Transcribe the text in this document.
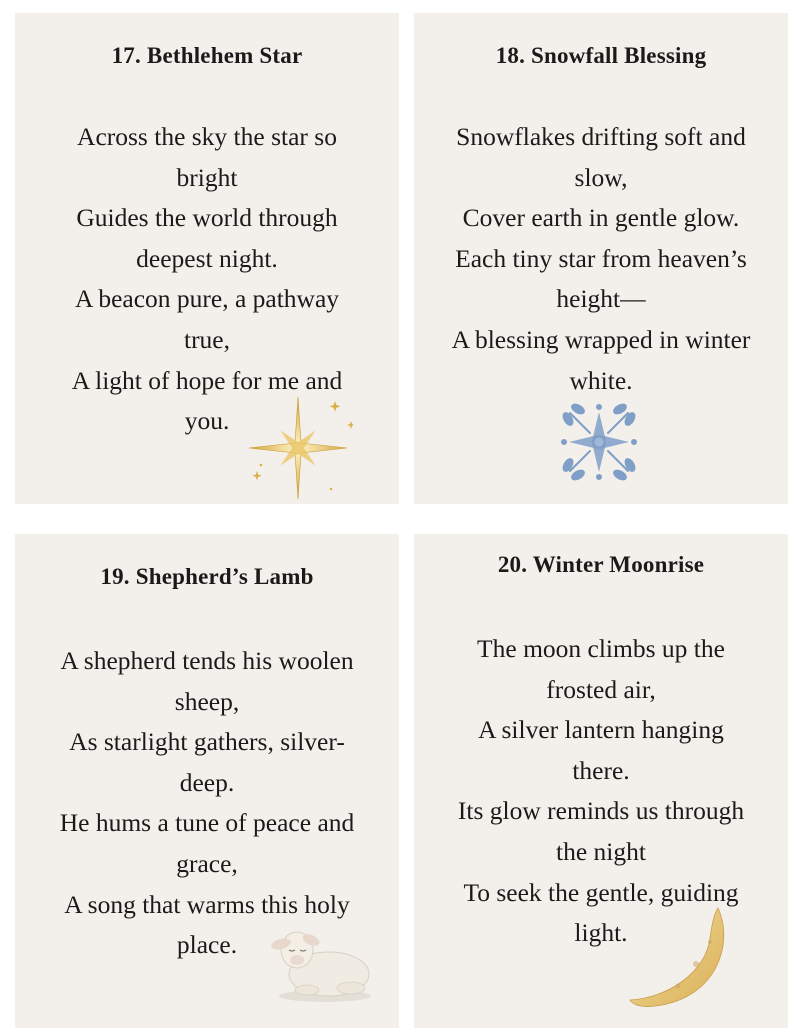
17. Bethlehem Star

Across the sky the star so
bright
Guides the world through
deepest night.
A beacon pure, a pathway
true,
A light of hope for me and
you.

18. Snowfall Blessing

Snowflakes drifting soft and
slow,
Cover earth in gentle glow.
Each tiny star from heaven’s
height—
A blessing wrapped in winter
white.

19. Shepherd’s Lamb

A shepherd tends his woolen
sheep,
As starlight gathers, silver-
deep.
He hums a tune of peace and
grace,
A song that warms this holy
place.

20. Winter Moonrise

The moon climbs up the
frosted air,
A silver lantern hanging
there.
Its glow reminds us through
the night
To seek the gentle, guiding
light.
